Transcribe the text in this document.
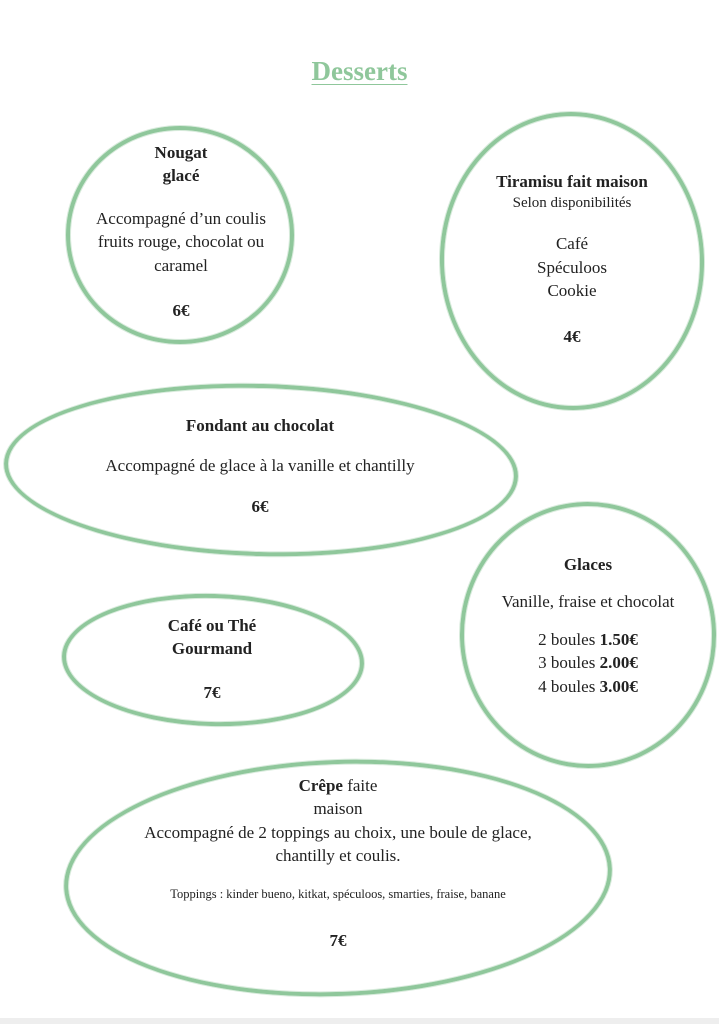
Desserts
Nougat
glacé
Accompagné d’un coulis
fruits rouge, chocolat ou
caramel
6€
Tiramisu fait maison
Selon disponibilités
Café
Spéculoos
Cookie
4€
Fondant au chocolat
Accompagné de glace à la vanille et chantilly
6€
Glaces
Vanille, fraise et chocolat
2 boules 1.50€
3 boules 2.00€
4 boules 3.00€
Café ou Thé
Gourmand
7€
Crêpe faite
maison
Accompagné de 2 toppings au choix, une boule de glace,
chantilly et coulis.
Toppings : kinder bueno, kitkat, spéculoos, smarties, fraise, banane
7€
